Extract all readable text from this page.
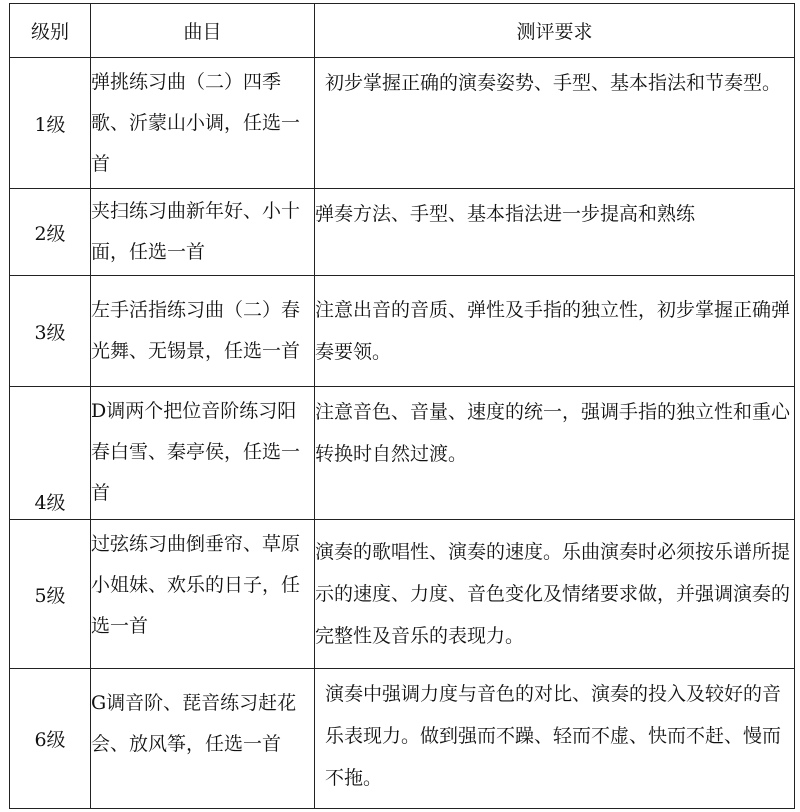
级别	曲目	测评要求
1级	弹挑练习曲（二）四季歌、沂蒙山小调，任选一首	初步掌握正确的演奏姿势、手型、基本指法和节奏型。
2级	夹扫练习曲新年好、小十面，任选一首	弹奏方法、手型、基本指法进一步提高和熟练
3级	左手活指练习曲（二）春光舞、无锡景，任选一首	注意出音的音质、弹性及手指的独立性，初步掌握正确弹奏要领。
4级	D调两个把位音阶练习阳春白雪、秦亭侯，任选一首	注意音色、音量、速度的统一，强调手指的独立性和重心转换时自然过渡。
5级	过弦练习曲倒垂帘、草原小姐妹、欢乐的日子，任选一首	演奏的歌唱性、演奏的速度。乐曲演奏时必须按乐谱所提示的速度、力度、音色变化及情绪要求做，并强调演奏的完整性及音乐的表现力。
6级	G调音阶、琵音练习赶花会、放风筝，任选一首	演奏中强调力度与音色的对比、演奏的投入及较好的音乐表现力。做到强而不躁、轻而不虚、快而不赶、慢而不拖。
